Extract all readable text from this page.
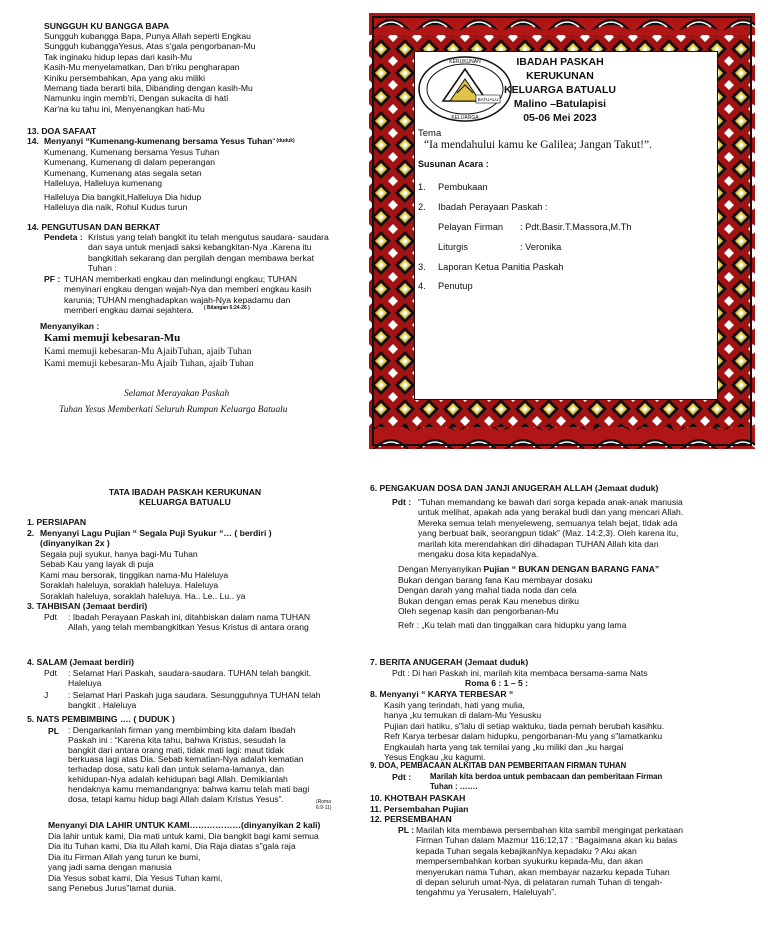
SUNGGUH KU BANGGA BAPA
Sungguh kubangga Bapa, Punya Allah seperti Engkau
Sungguh kubanggaYesus, Atas s'gala pengorbanan-Mu
Tak inginaku hidup lepas dari kasih-Mu
Kasih-Mu menyelamatkan, Dan b'riku pengharapan
Kiniku persembahkan, Apa yang aku miliki
Memang tiada berarti bila, Dibanding dengan kasih-Mu
Namunku ingin memb'ri, Dengan sukacita di hati
Kar'na ku tahu ini, Menyenangkan hati-Mu
13. DOA SAFAAT
14. Menyanyi “Kumenang-kumenang bersama Yesus Tuhan$^{“ (duduk)}$
Kumenang, Kumenang bersama Yesus Tuhan
Kumenang, Kumenang di dalam peperangan
Kumenang, Kumenang atas segala setan
Halleluya, Halleluya kumenang
Halleluya Dia bangkit,Halleluya Dia hidup
Halleluya dia naik, Rohul Kudus turun
14. PENGUTUSAN DAN BERKAT
Pendeta : Kristus yang telah bangkit itu telah mengutus saudara- saudara
dan saya untuk menjadi saksi kebangkitan-Nya .Karena itu
bangkitlah sekarang dan pergilah dengan membawa berkat
Tuhan :
PF : TUHAN memberkati engkau dan melindungi engkau; TUHAN
menyinari engkau dengan wajah-Nya dan memberi engkau kasih
karunia; TUHAN menghadapkan wajah-Nya kepadamu dan
memberi engkau damai sejahtera.	( Bilangan 6:24-26 )
Menyanyikan :
Kami memuji kebesaran-Mu
Kami memuji kebesaran-Mu AjaibTuhan, ajaib Tuhan
Kami memuji kebesaran-Mu Ajaib Tuhan, ajaib Tuhan
Selamat Merayakan Paskah
Tuhan Yesus Memberkati Seluruh Rumpun Keluarga Batualu
KERUKUNAN
KELUARGA
BATUALU
IBADAH PASKAH
KERUKUNAN
KELUARGA BATUALU
Malino –Batulapisi
05-06 Mei 2023
Tema
“Ia mendahului kamu ke Galilea; Jangan Takut!”.
Susunan Acara :
1. Pembukaan
2. Ibadah Perayaan Paskah :
Pelayan Firman : Pdt.Basir.T.Massora,M.Th
Liturgis	: Veronika
3. Laporan Ketua Panitia Paskah
4. Penutup
TATA IBADAH PASKAH KERUKUNAN
KELUARGA BATUALU
1. PERSIAPAN
2. Menyanyi Lagu Pujian “ Segala Puji Syukur “… ( berdiri )
(dinyanyikan 2x )
Segala puji syukur, hanya bagi-Mu Tuhan
Sebab Kau yang layak di puja
Kami mau bersorak, tinggikan nama-Mu Haleluya
Soraklah haleluya, soraklah haleluya. Haleluya
Soraklah haleluya, soraklah haleluya. Ha.. Le.. Lu.. ya
3. TAHBISAN (Jemaat berdiri)
Pdt : Ibadah Perayaan Paskah ini, ditahbiskan dalam nama TUHAN
Allah, yang telah membangkitkan Yesus Kristus di antara orang
4. SALAM (Jemaat berdiri)
Pdt : Selamat Hari Paskah, saudara-saudara. TUHAN telah bangkit.
Haleluya
J : Selamat Hari Paskah juga saudara. Sesungguhnya TUHAN telah
bangkit . Haleluya
5. NATS PEMBIMBING …. ( DUDUK )
PL : Dengarkanlah firman yang membimbing kita dalam Ibadah
Paskah ini : “Karena kita tahu, bahwa Kristus, sesudah Ia
bangkit dari antara orang mati, tidak mati lagi: maut tidak
berkuasa lagi atas Dia. Sebab kematian-Nya adalah kematian
terhadap dosa, satu kali dan untuk selama-lamanya, dan
kehidupan-Nya adalah kehidupan bagi Allah. Demikianlah
hendaknya kamu memandangnya: bahwa kamu telah mati bagi
dosa, tetapi kamu hidup bagi Allah dalam Kristus Yesus”.	(Roma 6:9-11)
Menyanyi DIA LAHIR UNTUK KAMI………………(dinyanyikan 2 kali)
Dia lahir untuk kami, Dia mati untuk kami, Dia bangkit bagi kami semua
Dia itu Tuhan kami, Dia itu Allah kami, Dia Raja diatas s"gala raja
Dia itu Firman Allah yang turun ke bumi,
yang jadi sama dengan manusia
Dia Yesus sobat kami, Dia Yesus Tuhan kami,
sang Penebus Jurus"lamat dunia.
6. PENGAKUAN DOSA DAN JANJI ANUGERAH ALLAH (Jemaat duduk)
Pdt : “Tuhan memandang ke bawah dari sorga kepada anak-anak manusia
untuk melihat, apakah ada yang berakal budi dan yang mencari Allah.
Mereka semua telah menyeleweng, semuanya telah bejat, tidak ada
yang berbuat baik, seorangpun tidak” (Maz. 14:2,3). Oleh karena itu,
marilah kita merendahkan diri dihadapan TUHAN Allah kita dan
mengaku dosa kita kepadaNya.
Dengan Menyanyikan Pujian “ BUKAN DENGAN BARANG FANA”
Bukan dengan barang fana Kau membayar dosaku
Dengan darah yang mahal tiada noda dan cela
Bukan dengan emas perak Kau menebus diriku
Oleh segenap kasih dan pengorbanan-Mu
Refr : „Ku telah mati dan tinggalkan cara hidupku yang lama
7. BERITA ANUGERAH (Jemaat duduk)
Pdt : Di hari Paskah ini, marilah kita membaca bersama-sama Nats
Roma 6 : 1 – 5 :
8. Menyanyi “ KARYA TERBESAR “
Kasih yang terindah, hati yang mulia,
hanya „ku temukan di dalam-Mu Yesusku
Pujian dari hatiku, s"lalu di setiap waktuku, tiada pernah berubah kasihku.
Refr Karya terbesar dalam hidupku, pengorbanan-Mu yang s"lamatkanku
Engkaulah harta yang tak ternilai yang „ku miliki dan „ku hargai
Yesus Engkau „ku kagumi.
9. DOA, PEMBACAAN ALKITAB DAN PEMBERITAAN FIRMAN TUHAN
Pdt : Marilah kita berdoa untuk pembacaan dan pemberitaan Firman
Tuhan : …….
10. KHOTBAH PASKAH
11. Persembahan Pujian
12. PERSEMBAHAN
PL : Marilah kita membawa persembahan kita sambil mengingat perkataan
Firman Tuhan dalam Mazmur 116:12,17 : “Bagaimana akan ku balas
kepada Tuhan segala kebajikanNya kepadaku ? Aku akan
mempersembahkan korban syukurku kepada-Mu, dan akan
menyerukan nama Tuhan, akan membayar nazarku kepada Tuhan
di depan seluruh umat-Nya, di pelataran rumah Tuhan di tengah-
tengahmu ya Yerusalem, Haleluyah”.
